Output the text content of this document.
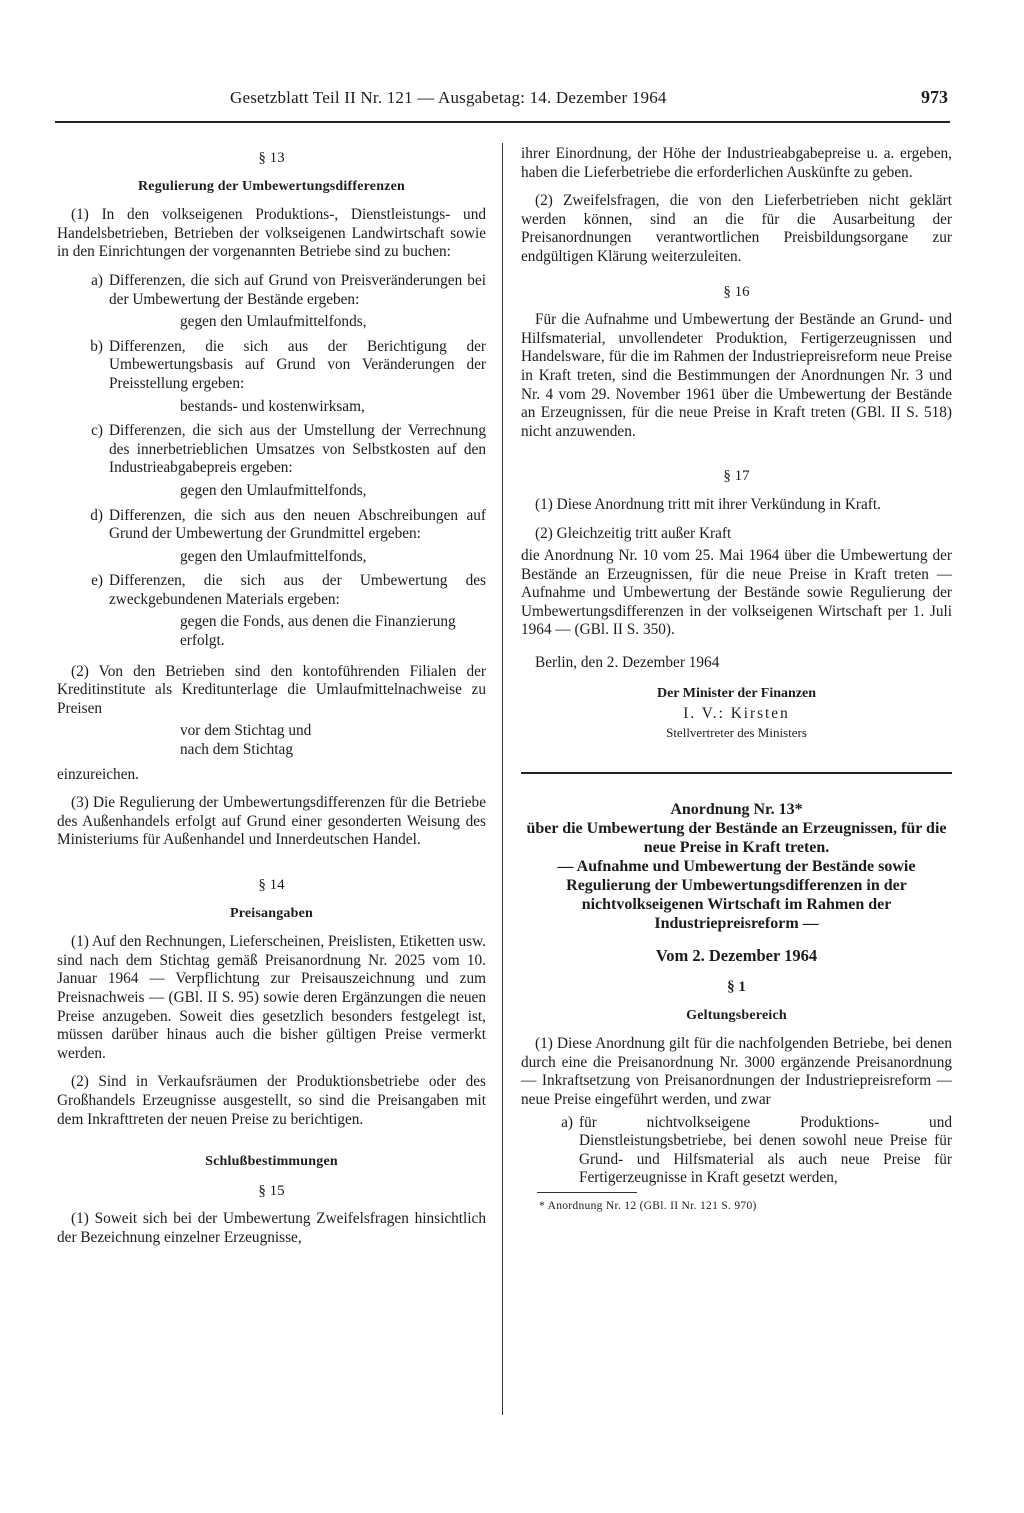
Gesetzblatt Teil II Nr. 121 — Ausgabetag: 14. Dezember 1964	973
§ 13
Regulierung der Umbewertungsdifferenzen

(1) In den volkseigenen Produktions-, Dienstleistungs- und Handelsbetrieben, Betrieben der volkseigenen Landwirtschaft sowie in den Einrichtungen der vorgenannten Betriebe sind zu buchen:

a) Differenzen, die sich auf Grund von Preisveränderungen bei der Umbewertung der Bestände ergeben:
gegen den Umlaufmittelfonds,
b) Differenzen, die sich aus der Berichtigung der Umbewertungsbasis auf Grund von Veränderungen der Preisstellung ergeben:
bestands- und kostenwirksam,
c) Differenzen, die sich aus der Umstellung der Verrechnung des innerbetrieblichen Umsatzes von Selbstkosten auf den Industrieabgabepreis ergeben:
gegen den Umlaufmittelfonds,
d) Differenzen, die sich aus den neuen Abschreibungen auf Grund der Umbewertung der Grundmittel ergeben:
gegen den Umlaufmittelfonds,
e) Differenzen, die sich aus der Umbewertung des zweckgebundenen Materials ergeben:
gegen die Fonds, aus denen die Finanzierung erfolgt.

(2) Von den Betrieben sind den kontoführenden Filialen der Kreditinstitute als Kreditunterlage die Umlaufmittelnachweise zu Preisen

vor dem Stichtag und
nach dem Stichtag

einzureichen.

(3) Die Regulierung der Umbewertungsdifferenzen für die Betriebe des Außenhandels erfolgt auf Grund einer gesonderten Weisung des Ministeriums für Außenhandel und Innerdeutschen Handel.

§ 14
Preisangaben

(1) Auf den Rechnungen, Lieferscheinen, Preislisten, Etiketten usw. sind nach dem Stichtag gemäß Preisanordnung Nr. 2025 vom 10. Januar 1964 — Verpflichtung zur Preisauszeichnung und zum Preisnachweis — (GBl. II S. 95) sowie deren Ergänzungen die neuen Preise anzugeben. Soweit dies gesetzlich besonders festgelegt ist, müssen darüber hinaus auch die bisher gültigen Preise vermerkt werden.

(2) Sind in Verkaufsräumen der Produktionsbetriebe oder des Großhandels Erzeugnisse ausgestellt, so sind die Preisangaben mit dem Inkrafttreten der neuen Preise zu berichtigen.

Schlußbestimmungen
§ 15

(1) Soweit sich bei der Umbewertung Zweifelsfragen hinsichtlich der Bezeichnung einzelner Erzeugnisse,

ihrer Einordnung, der Höhe der Industrieabgabepreise u. a. ergeben, haben die Lieferbetriebe die erforderlichen Auskünfte zu geben.

(2) Zweifelsfragen, die von den Lieferbetrieben nicht geklärt werden können, sind an die für die Ausarbeitung der Preisanordnungen verantwortlichen Preisbildungsorgane zur endgültigen Klärung weiterzuleiten.

§ 16

Für die Aufnahme und Umbewertung der Bestände an Grund- und Hilfsmaterial, unvollendeter Produktion, Fertigerzeugnissen und Handelsware, für die im Rahmen der Industriepreisreform neue Preise in Kraft treten, sind die Bestimmungen der Anordnungen Nr. 3 und Nr. 4 vom 29. November 1961 über die Umbewertung der Bestände an Erzeugnissen, für die neue Preise in Kraft treten (GBl. II S. 518) nicht anzuwenden.

§ 17

(1) Diese Anordnung tritt mit ihrer Verkündung in Kraft.

(2) Gleichzeitig tritt außer Kraft

die Anordnung Nr. 10 vom 25. Mai 1964 über die Umbewertung der Bestände an Erzeugnissen, für die neue Preise in Kraft treten — Aufnahme und Umbewertung der Bestände sowie Regulierung der Umbewertungsdifferenzen in der volkseigenen Wirtschaft per 1. Juli 1964 — (GBl. II S. 350).

Berlin, den 2. Dezember 1964

Der Minister der Finanzen
I. V.: Kirsten
Stellvertreter des Ministers
Anordnung Nr. 13*
über die Umbewertung der Bestände an Erzeugnissen, für die neue Preise in Kraft treten.
— Aufnahme und Umbewertung der Bestände sowie Regulierung der Umbewertungsdifferenzen in der nichtvolkseigenen Wirtschaft im Rahmen der Industriepreisreform —
Vom 2. Dezember 1964
§ 1
Geltungsbereich

(1) Diese Anordnung gilt für die nachfolgenden Betriebe, bei denen durch eine die Preisanordnung Nr. 3000 ergänzende Preisanordnung — Inkraftsetzung von Preisanordnungen der Industriepreisreform — neue Preise eingeführt werden, und zwar

a) für nichtvolkseigene Produktions- und Dienstleistungsbetriebe, bei denen sowohl neue Preise für Grund- und Hilfsmaterial als auch neue Preise für Fertigerzeugnisse in Kraft gesetzt werden,

* Anordnung Nr. 12 (GBl. II Nr. 121 S. 970)
